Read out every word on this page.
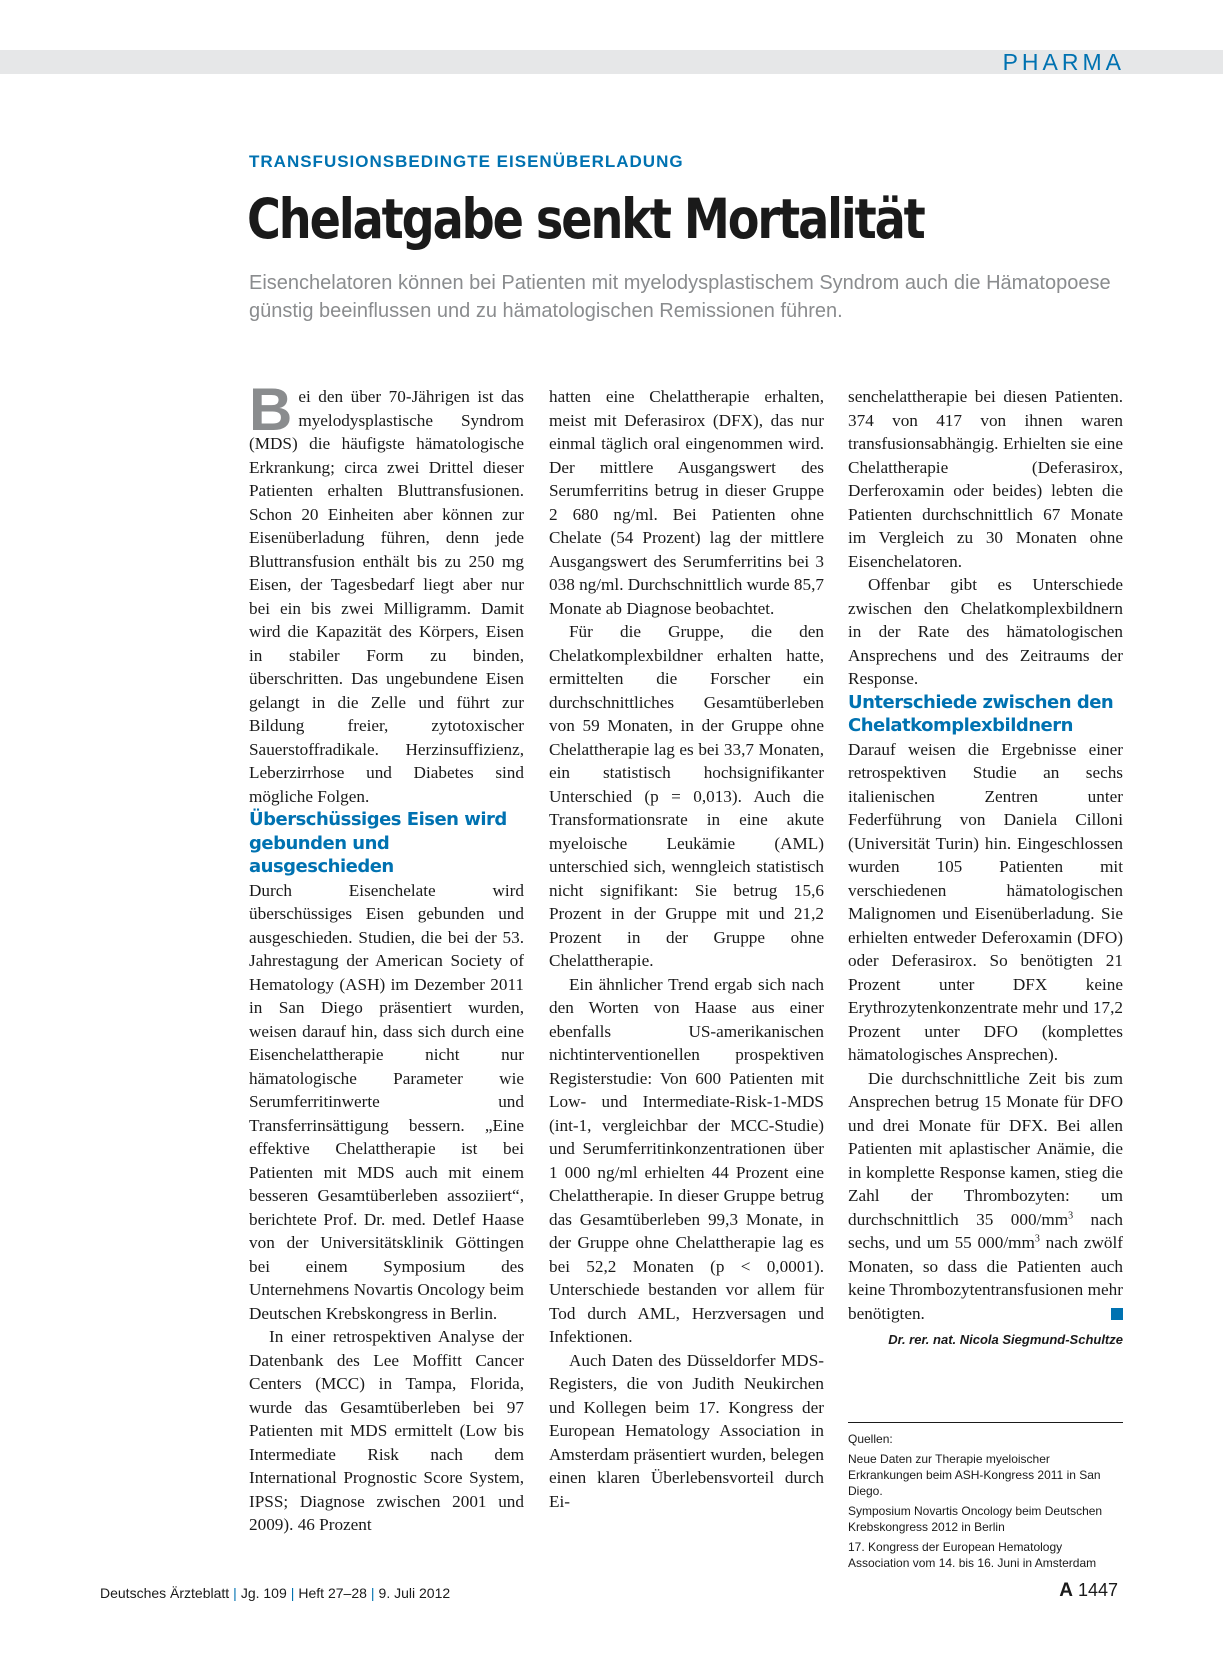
PHARMA
TRANSFUSIONSBEDINGTE EISENÜBERLADUNG
Chelatgabe senkt Mortalität
Eisenchelatoren können bei Patienten mit myelodysplastischem Syndrom auch die Hämatopoese günstig beeinflussen und zu hämatologischen Remissionen führen.

Bei den über 70-Jährigen ist das myelodysplastische Syndrom (MDS) die häufigste hämatologische Erkrankung; circa zwei Drittel dieser Patienten erhalten Bluttransfusionen. Schon 20 Einheiten aber können zur Eisenüberladung führen, denn jede Bluttransfusion enthält bis zu 250 mg Eisen, der Tagesbedarf liegt aber nur bei ein bis zwei Milligramm. Damit wird die Kapazität des Körpers, Eisen in stabiler Form zu binden, überschritten. Das ungebundene Eisen gelangt in die Zelle und führt zur Bildung freier, zytotoxischer Sauerstoffradikale. Herzinsuffizienz, Leberzirrhose und Diabetes sind mögliche Folgen.

Überschüssiges Eisen wird gebunden und ausgeschieden

Durch Eisenchelate wird überschüssiges Eisen gebunden und ausgeschieden. Studien, die bei der 53. Jahrestagung der American Society of Hematology (ASH) im Dezember 2011 in San Diego präsentiert wurden, weisen darauf hin, dass sich durch eine Eisenchelattherapie nicht nur hämatologische Parameter wie Serumferritinwerte und Transferrinsättigung bessern. „Eine effektive Chelattherapie ist bei Patienten mit MDS auch mit einem besseren Gesamtüberleben assoziiert“, berichtete Prof. Dr. med. Detlef Haase von der Universitätsklinik Göttingen bei einem Symposium des Unternehmens Novartis Oncology beim Deutschen Krebskongress in Berlin.

In einer retrospektiven Analyse der Datenbank des Lee Moffitt Cancer Centers (MCC) in Tampa, Florida, wurde das Gesamtüberleben bei 97 Patienten mit MDS ermittelt (Low bis Intermediate Risk nach dem International Prognostic Score System, IPSS; Diagnose zwischen 2001 und 2009). 46 Prozent

hatten eine Chelattherapie erhalten, meist mit Deferasirox (DFX), das nur einmal täglich oral eingenommen wird. Der mittlere Ausgangswert des Serumferritins betrug in dieser Gruppe 2 680 ng/ml. Bei Patienten ohne Chelate (54 Prozent) lag der mittlere Ausgangswert des Serumferritins bei 3 038 ng/ml. Durchschnittlich wurde 85,7 Monate ab Diagnose beobachtet.

Für die Gruppe, die den Chelatkomplexbildner erhalten hatte, ermittelten die Forscher ein durchschnittliches Gesamtüberleben von 59 Monaten, in der Gruppe ohne Chelattherapie lag es bei 33,7 Monaten, ein statistisch hochsignifikanter Unterschied (p = 0,013). Auch die Transformationsrate in eine akute myeloische Leukämie (AML) unterschied sich, wenngleich statistisch nicht signifikant: Sie betrug 15,6 Prozent in der Gruppe mit und 21,2 Prozent in der Gruppe ohne Chelattherapie.

Ein ähnlicher Trend ergab sich nach den Worten von Haase aus einer ebenfalls US-amerikanischen nichtinterventionellen prospektiven Registerstudie: Von 600 Patienten mit Low- und Intermediate-Risk-1-MDS (int-1, vergleichbar der MCC-Studie) und Serumferritinkonzentrationen über 1 000 ng/ml erhielten 44 Prozent eine Chelattherapie. In dieser Gruppe betrug das Gesamtüberleben 99,3 Monate, in der Gruppe ohne Chelattherapie lag es bei 52,2 Monaten (p < 0,0001). Unterschiede bestanden vor allem für Tod durch AML, Herzversagen und Infektionen.

Auch Daten des Düsseldorfer MDS-Registers, die von Judith Neukirchen und Kollegen beim 17. Kongress der European Hematology Association in Amsterdam präsentiert wurden, belegen einen klaren Überlebensvorteil durch Ei-

senchelattherapie bei diesen Patienten. 374 von 417 von ihnen waren transfusionsabhängig. Erhielten sie eine Chelattherapie (Deferasirox, Derferoxamin oder beides) lebten die Patienten durchschnittlich 67 Monate im Vergleich zu 30 Monaten ohne Eisenchelatoren.

Offenbar gibt es Unterschiede zwischen den Chelatkomplexbildnern in der Rate des hämatologischen Ansprechens und des Zeitraums der Response.

Unterschiede zwischen den Chelatkomplexbildnern

Darauf weisen die Ergebnisse einer retrospektiven Studie an sechs italienischen Zentren unter Federführung von Daniela Cilloni (Universität Turin) hin. Eingeschlossen wurden 105 Patienten mit verschiedenen hämatologischen Malignomen und Eisenüberladung. Sie erhielten entweder Deferoxamin (DFO) oder Deferasirox. So benötigten 21 Prozent unter DFX keine Erythrozytenkonzentrate mehr und 17,2 Prozent unter DFO (komplettes hämatologisches Ansprechen).

Die durchschnittliche Zeit bis zum Ansprechen betrug 15 Monate für DFO und drei Monate für DFX. Bei allen Patienten mit aplastischer Anämie, die in komplette Response kamen, stieg die Zahl der Thrombozyten: um durchschnittlich 35 $000/mm^3$ nach sechs, und um 55 $000/mm^3$ nach zwölf Monaten, so dass die Patienten auch keine Thrombozytentransfusionen mehr benötigten.

Dr. rer. nat. Nicola Siegmund-Schultze

Quellen:
Neue Daten zur Therapie myeloischer Erkrankungen beim ASH-Kongress 2011 in San Diego.
Symposium Novartis Oncology beim Deutschen Krebskongress 2012 in Berlin
17. Kongress der European Hematology Association vom 14. bis 16. Juni in Amsterdam
Deutsches Ärzteblatt | Jg. 109 | Heft 27–28 | 9. Juli 2012	A 1447
